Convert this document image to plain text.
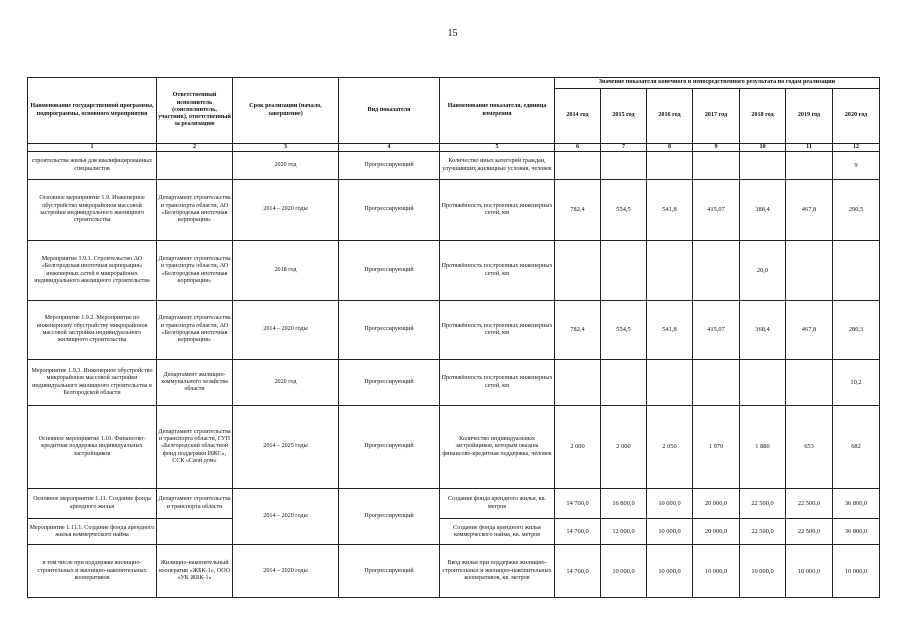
15
Наименование государственной программы, подпрограммы, основного мероприятия	Ответственный исполнитель (соисполнитель, участник), ответственный за реализацию	Срок реализации (начало, завершение)	Вид показателя	Наименование показателя, единица измерения	Значение показателя конечного и непосредственного результата по годам реализации						
					2014 год	2015 год	2016 год	2017 год	2018 год	2019 год	2020 год
1	2	3	4	5	6	7	8	9	10	11	12
строительства жилья для квалифицированных специалистов		2020 год	Прогрессирующий	Количество иных категорий граждан, улучшивших жилищные условия, человек							9
Основное мероприятие 1.9. Инженерное обустройство микрорайонов массовой застройки индивидуального жилищного строительства	Департамент строительства и транспорта области, АО «Белгородская ипотечная корпорация»	2014 – 2020 годы	Прогрессирующий	Протяжённость построенных инженерных сетей, км	782,4	554,5	541,8	415,07	388,4	467,8	290,5
Мероприятие 1.9.1. Строительство АО «Белгородская ипотечная корпорация» инженерных сетей в микрорайонах индивидуального жилищного строительства	Департамент строительства и транспорта области, АО «Белгородская ипотечная корпорация»	2018 год	Прогрессирующий	Протяжённость построенных инженерных сетей, км					20,0		
Мероприятие 1.9.2. Мероприятие по инженерному обустройству микрорайонов массовой застройки индивидуального жилищного строительства	Департамент строительства и транспорта области, АО «Белгородская ипотечная корпорация»	2014 – 2020 годы	Прогрессирующий	Протяжённость построенных инженерных сетей, км	782,4	554,5	541,8	415,07	368,4	467,8	280,3
Мероприятие 1.9.3. Инженерное обустройство микрорайонов массовой застройки индивидуального жилищного строительства в Белгородской области	Департамент жилищно-коммунального хозяйства области	2020 год	Прогрессирующий	Протяжённость построенных инженерных сетей, км							10,2
Основное мероприятие 1.10. Финансово-кредитная поддержка индивидуальных застройщиков	Департамент строительства и транспорта области, ГУП «Белгородский областной фонд поддержки ИЖС», ССК «Свой дом»	2014 – 2025 годы	Прогрессирующий	Количество индивидуальных застройщиков, которым оказана финансово-кредитная поддержка, человек	2 000	2 000	2 050	1 970	1 880	653	682
Основное мероприятие 1.11. Создание фонда арендного жилья	Департамент строительства и транспорта области	2014 – 2020 годы	Прогрессирующий	Создание фонда арендного жилья, кв. метров	14 700,0	16 800,0	10 000,0	20 000,0	22 500,0	22 500,0	36 800,0
Мероприятие 1.11.1. Создание фонда арендного жилья коммерческого найма				Создание фонда арендного жилья коммерческого найма, кв. метров	14 700,0	12 000,0	10 000,0	20 000,0	22 500,0	22 500,0	36 800,0
в том числе при поддержке жилищно-строительных и жилищно-накопительных кооперативов	Жилищно-накопительный кооператив «ЖБК-1», ООО «УК ЖБК-1»	2014 – 2020 годы	Прогрессирующий	Ввод жилья при поддержке жилищно-строительных и жилищно-накопительных кооперативов, кв. метров	14 700,0	10 000,0	10 000,0	10 000,0	10 000,0	10 000,0	10 000,0
